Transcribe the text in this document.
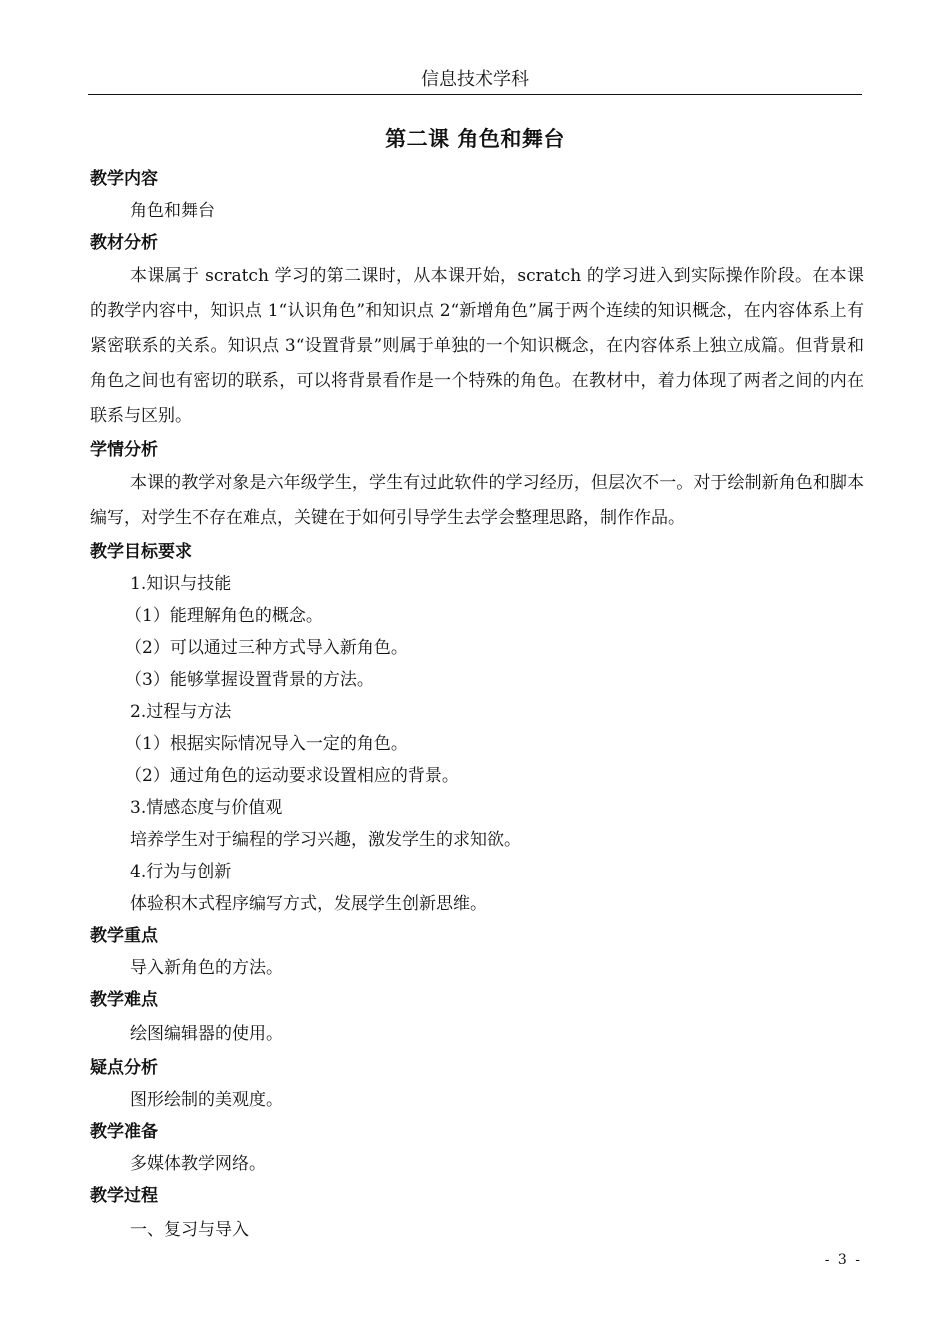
信息技术学科
第二课 角色和舞台
教学内容
角色和舞台
教材分析

本课属于 scratch 学习的第二课时，从本课开始，scratch 的学习进入到实际操作阶段。在本课的教学内容中，知识点 1“认识角色”和知识点 2“新增角色”属于两个连续的知识概念，在内容体系上有紧密联系的关系。知识点 3“设置背景”则属于单独的一个知识概念，在内容体系上独立成篇。但背景和角色之间也有密切的联系，可以将背景看作是一个特殊的角色。在教材中，着力体现了两者之间的内在联系与区别。

学情分析

本课的教学对象是六年级学生，学生有过此软件的学习经历，但层次不一。对于绘制新角色和脚本编写，对学生不存在难点，关键在于如何引导学生去学会整理思路，制作作品。

教学目标要求
1.知识与技能
（1）能理解角色的概念。
（2）可以通过三种方式导入新角色。
（3）能够掌握设置背景的方法。
2.过程与方法
（1）根据实际情况导入一定的角色。
（2）通过角色的运动要求设置相应的背景。
3.情感态度与价值观
培养学生对于编程的学习兴趣，激发学生的求知欲。
4.行为与创新
体验积木式程序编写方式，发展学生创新思维。
教学重点
导入新角色的方法。
教学难点
绘图编辑器的使用。
疑点分析
图形绘制的美观度。
教学准备
多媒体教学网络。
教学过程
一、复习与导入
- 3 -
